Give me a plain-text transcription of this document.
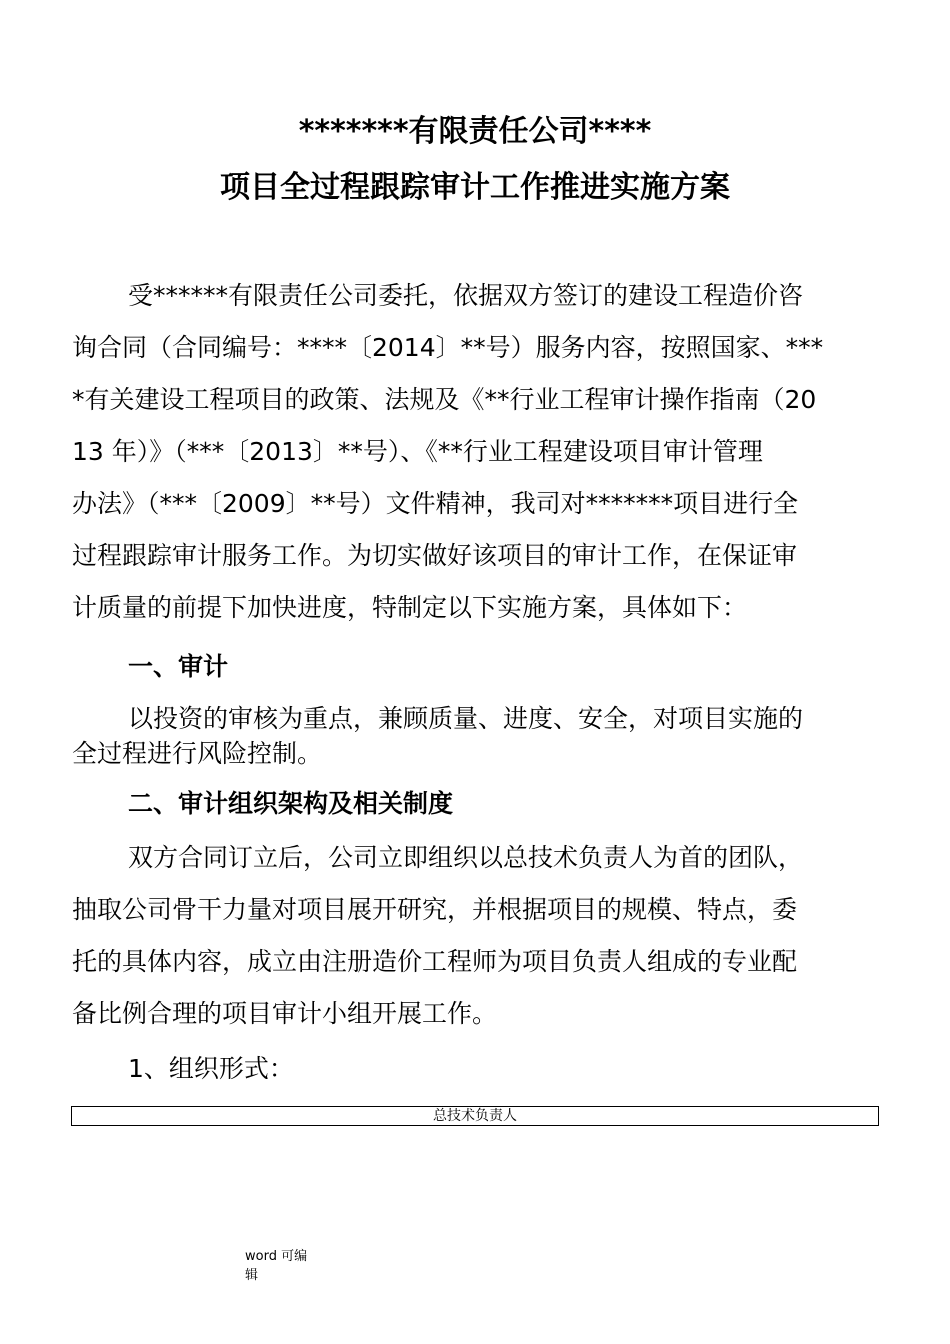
*******有限责任公司****
项目全过程跟踪审计工作推进实施方案
受******有限责任公司委托，依据双方签订的建设工程造价咨
询合同（合同编号：****〔2014〕**号）服务内容，按照国家、***
*有关建设工程项目的政策、法规及《**行业工程审计操作指南（20
13 年）》（***〔2013〕**号）、《**行业工程建设项目审计管理
办法》（***〔2009〕**号）文件精神，我司对*******项目进行全
过程跟踪审计服务工作。为切实做好该项目的审计工作，在保证审
计质量的前提下加快进度，特制定以下实施方案，具体如下：
一、审计
以投资的审核为重点，兼顾质量、进度、安全，对项目实施的
全过程进行风险控制。
二、审计组织架构及相关制度
双方合同订立后，公司立即组织以总技术负责人为首的团队，
抽取公司骨干力量对项目展开研究，并根据项目的规模、特点，委
托的具体内容，成立由注册造价工程师为项目负责人组成的专业配
备比例合理的项目审计小组开展工作。
1、组织形式：
总技术负责人
word 可编
辑
